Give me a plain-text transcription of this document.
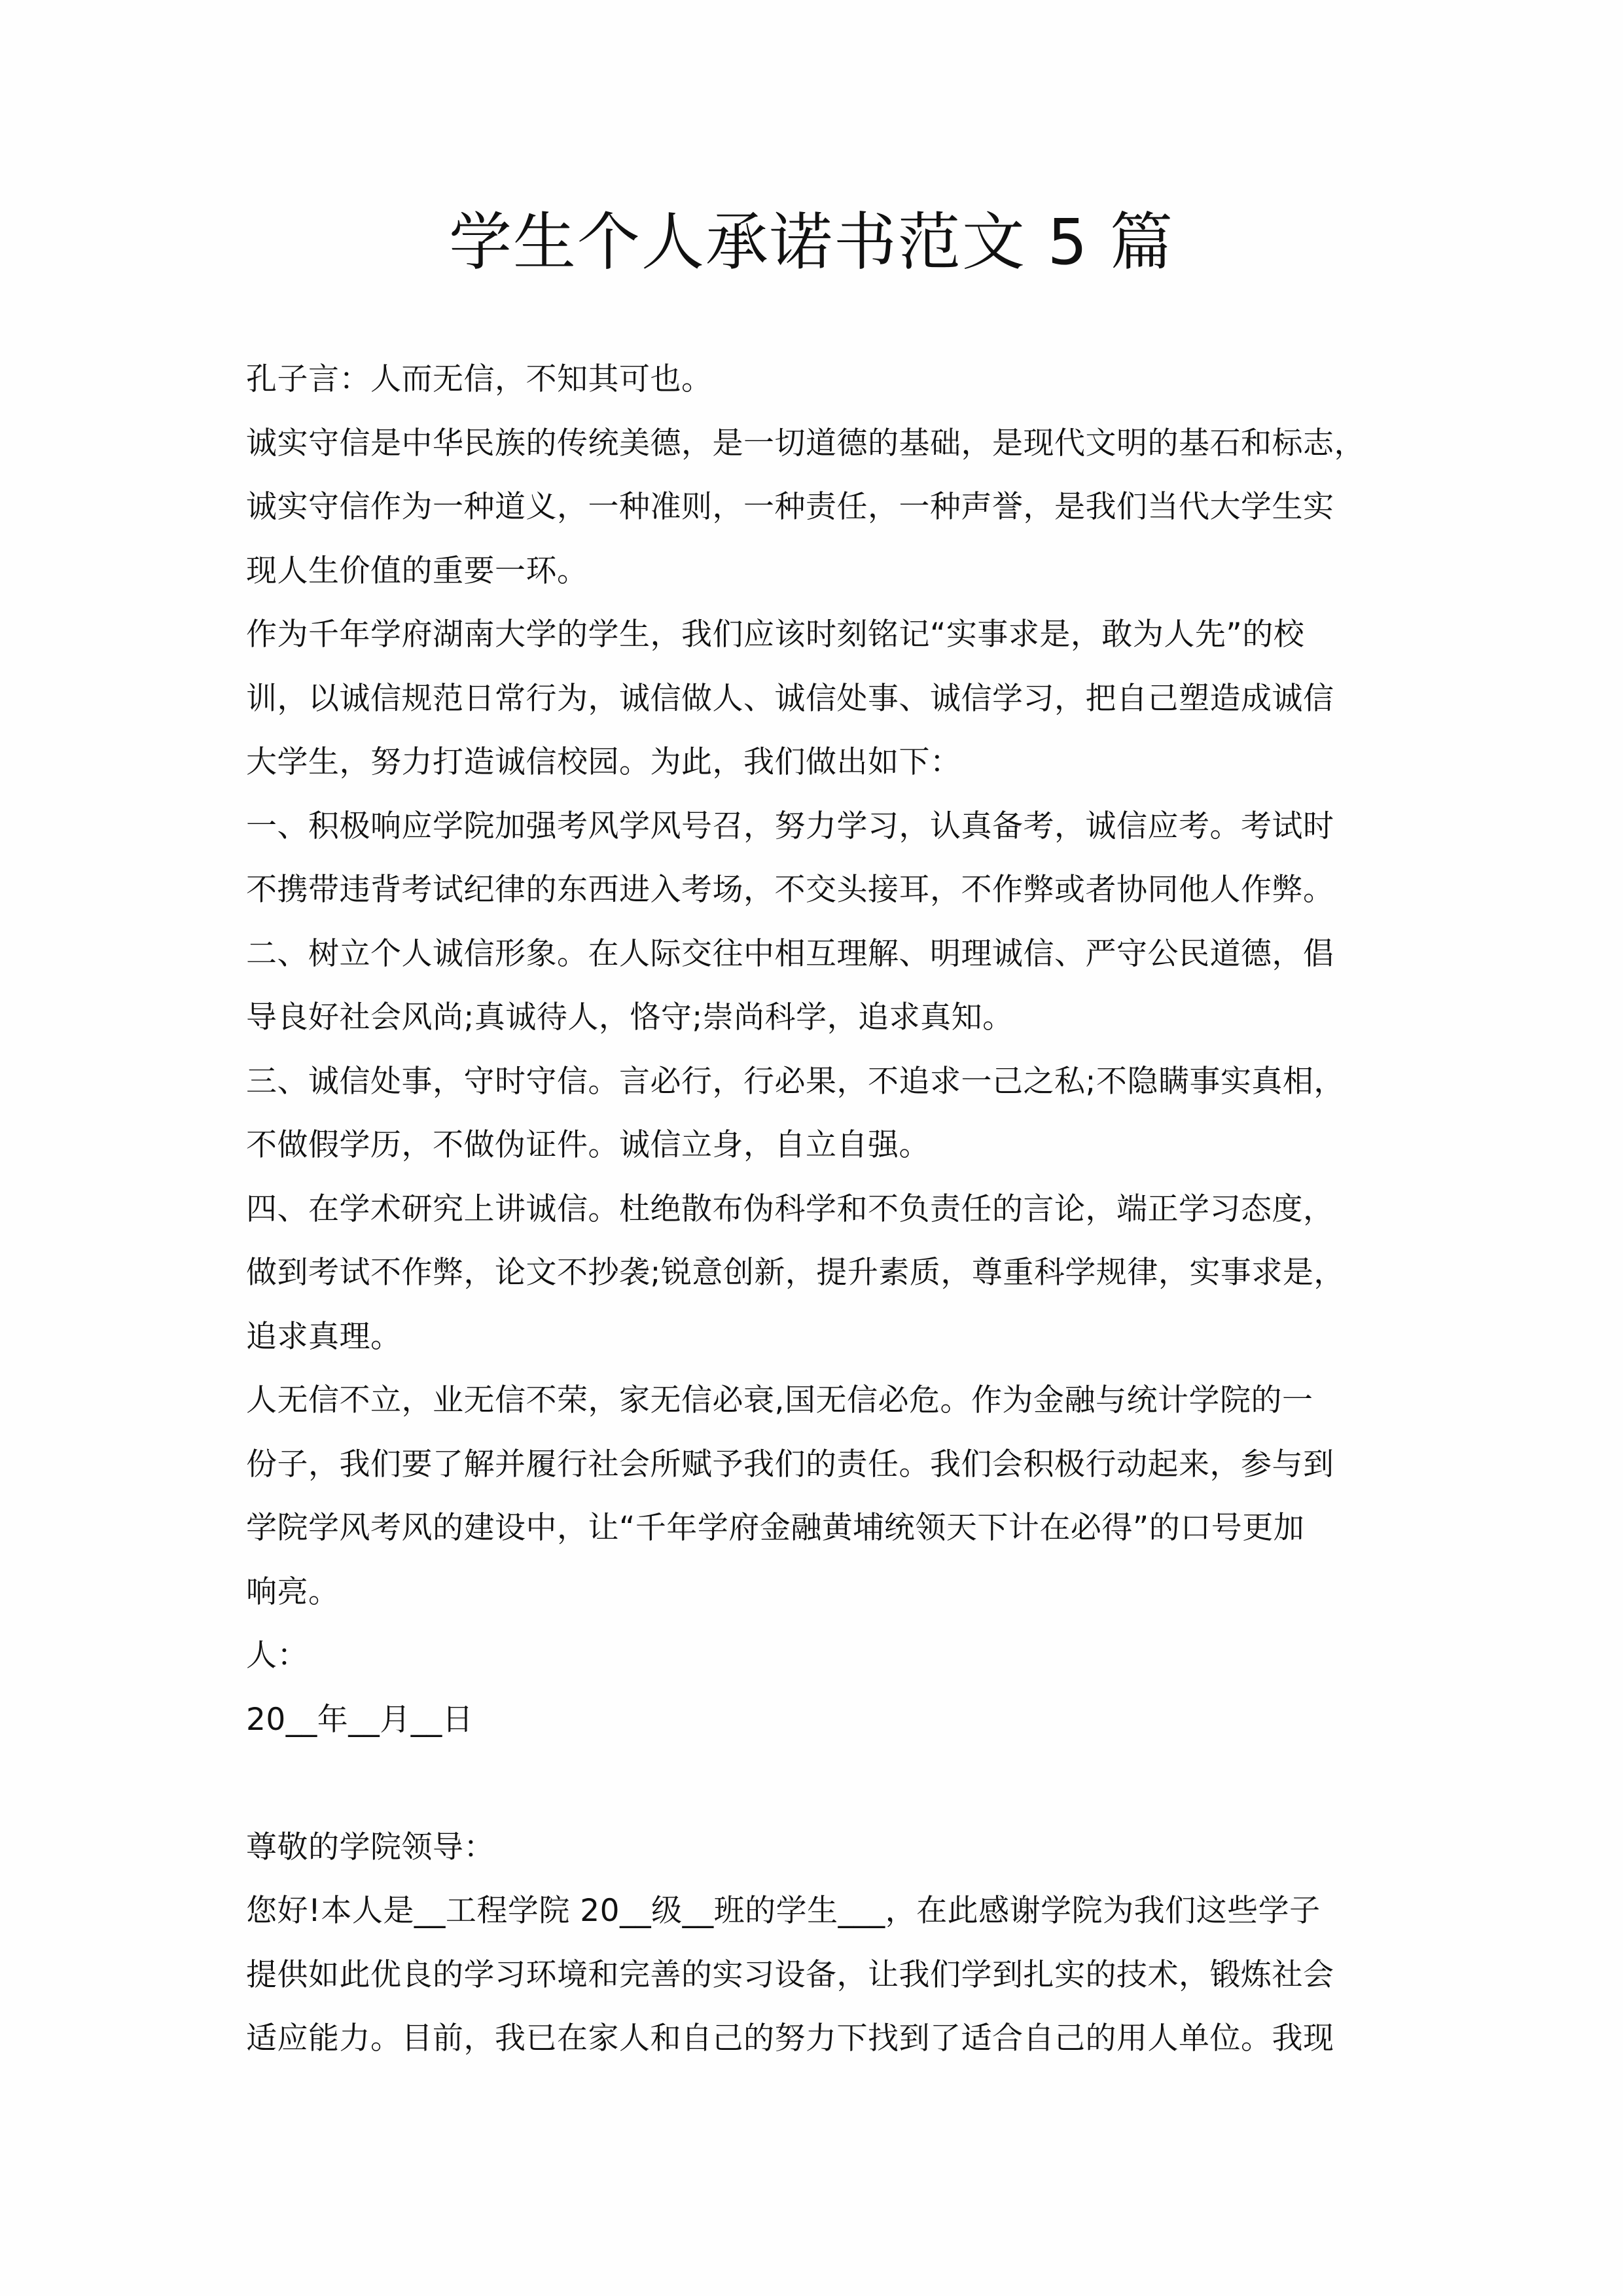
学生个人承诺书范文 5 篇

孔子言：人而无信，不知其可也。

诚实守信是中华民族的传统美德，是一切道德的基础，是现代文明的基石和标志，

诚实守信作为一种道义，一种准则，一种责任，一种声誉，是我们当代大学生实

现人生价值的重要一环。

作为千年学府湖南大学的学生，我们应该时刻铭记“实事求是，敢为人先”的校

训，以诚信规范日常行为，诚信做人、诚信处事、诚信学习，把自己塑造成诚信

大学生，努力打造诚信校园。为此，我们做出如下：

一、积极响应学院加强考风学风号召，努力学习，认真备考，诚信应考。考试时

不携带违背考试纪律的东西进入考场，不交头接耳，不作弊或者协同他人作弊。

二、树立个人诚信形象。在人际交往中相互理解、明理诚信、严守公民道德，倡

导良好社会风尚;真诚待人，恪守;崇尚科学，追求真知。

三、诚信处事，守时守信。言必行，行必果，不追求一己之私;不隐瞒事实真相，

不做假学历，不做伪证件。诚信立身，自立自强。

四、在学术研究上讲诚信。杜绝散布伪科学和不负责任的言论，端正学习态度，

做到考试不作弊，论文不抄袭;锐意创新，提升素质，尊重科学规律，实事求是，

追求真理。

人无信不立，业无信不荣，家无信必衰,国无信必危。作为金融与统计学院的一

份子，我们要了解并履行社会所赋予我们的责任。我们会积极行动起来，参与到

学院学风考风的建设中，让“千年学府金融黄埔统领天下计在必得”的口号更加

响亮。

人：

20__年__月__日

尊敬的学院领导：

您好!本人是__工程学院 20__级__班的学生___，在此感谢学院为我们这些学子

提供如此优良的学习环境和完善的实习设备，让我们学到扎实的技术，锻炼社会

适应能力。目前，我已在家人和自己的努力下找到了适合自己的用人单位。我现
